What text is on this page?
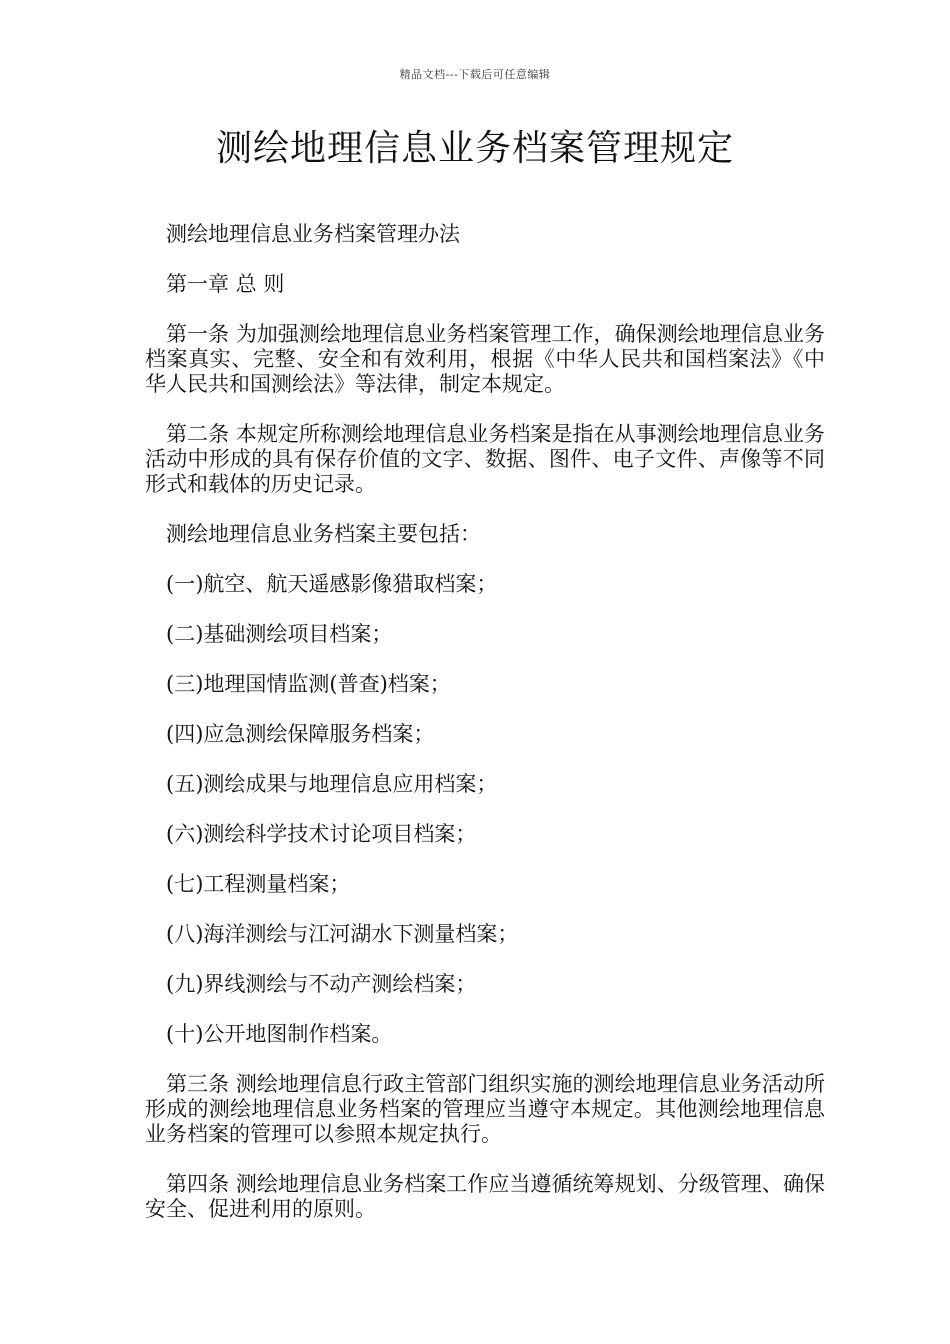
精品文档---下载后可任意编辑
测绘地理信息业务档案管理规定

测绘地理信息业务档案管理办法

第一章 总 则

第一条 为加强测绘地理信息业务档案管理工作，确保测绘地理信息业务档案真实、完整、安全和有效利用，根据《中华人民共和国档案法》《中华人民共和国测绘法》等法律，制定本规定。

第二条 本规定所称测绘地理信息业务档案是指在从事测绘地理信息业务活动中形成的具有保存价值的文字、数据、图件、电子文件、声像等不同形式和载体的历史记录。

测绘地理信息业务档案主要包括：

(一)航空、航天遥感影像猎取档案；

(二)基础测绘项目档案；

(三)地理国情监测(普查)档案；

(四)应急测绘保障服务档案；

(五)测绘成果与地理信息应用档案；

(六)测绘科学技术讨论项目档案；

(七)工程测量档案；

(八)海洋测绘与江河湖水下测量档案；

(九)界线测绘与不动产测绘档案；

(十)公开地图制作档案。

第三条 测绘地理信息行政主管部门组织实施的测绘地理信息业务活动所形成的测绘地理信息业务档案的管理应当遵守本规定。其他测绘地理信息业务档案的管理可以参照本规定执行。

第四条 测绘地理信息业务档案工作应当遵循统筹规划、分级管理、确保安全、促进利用的原则。
